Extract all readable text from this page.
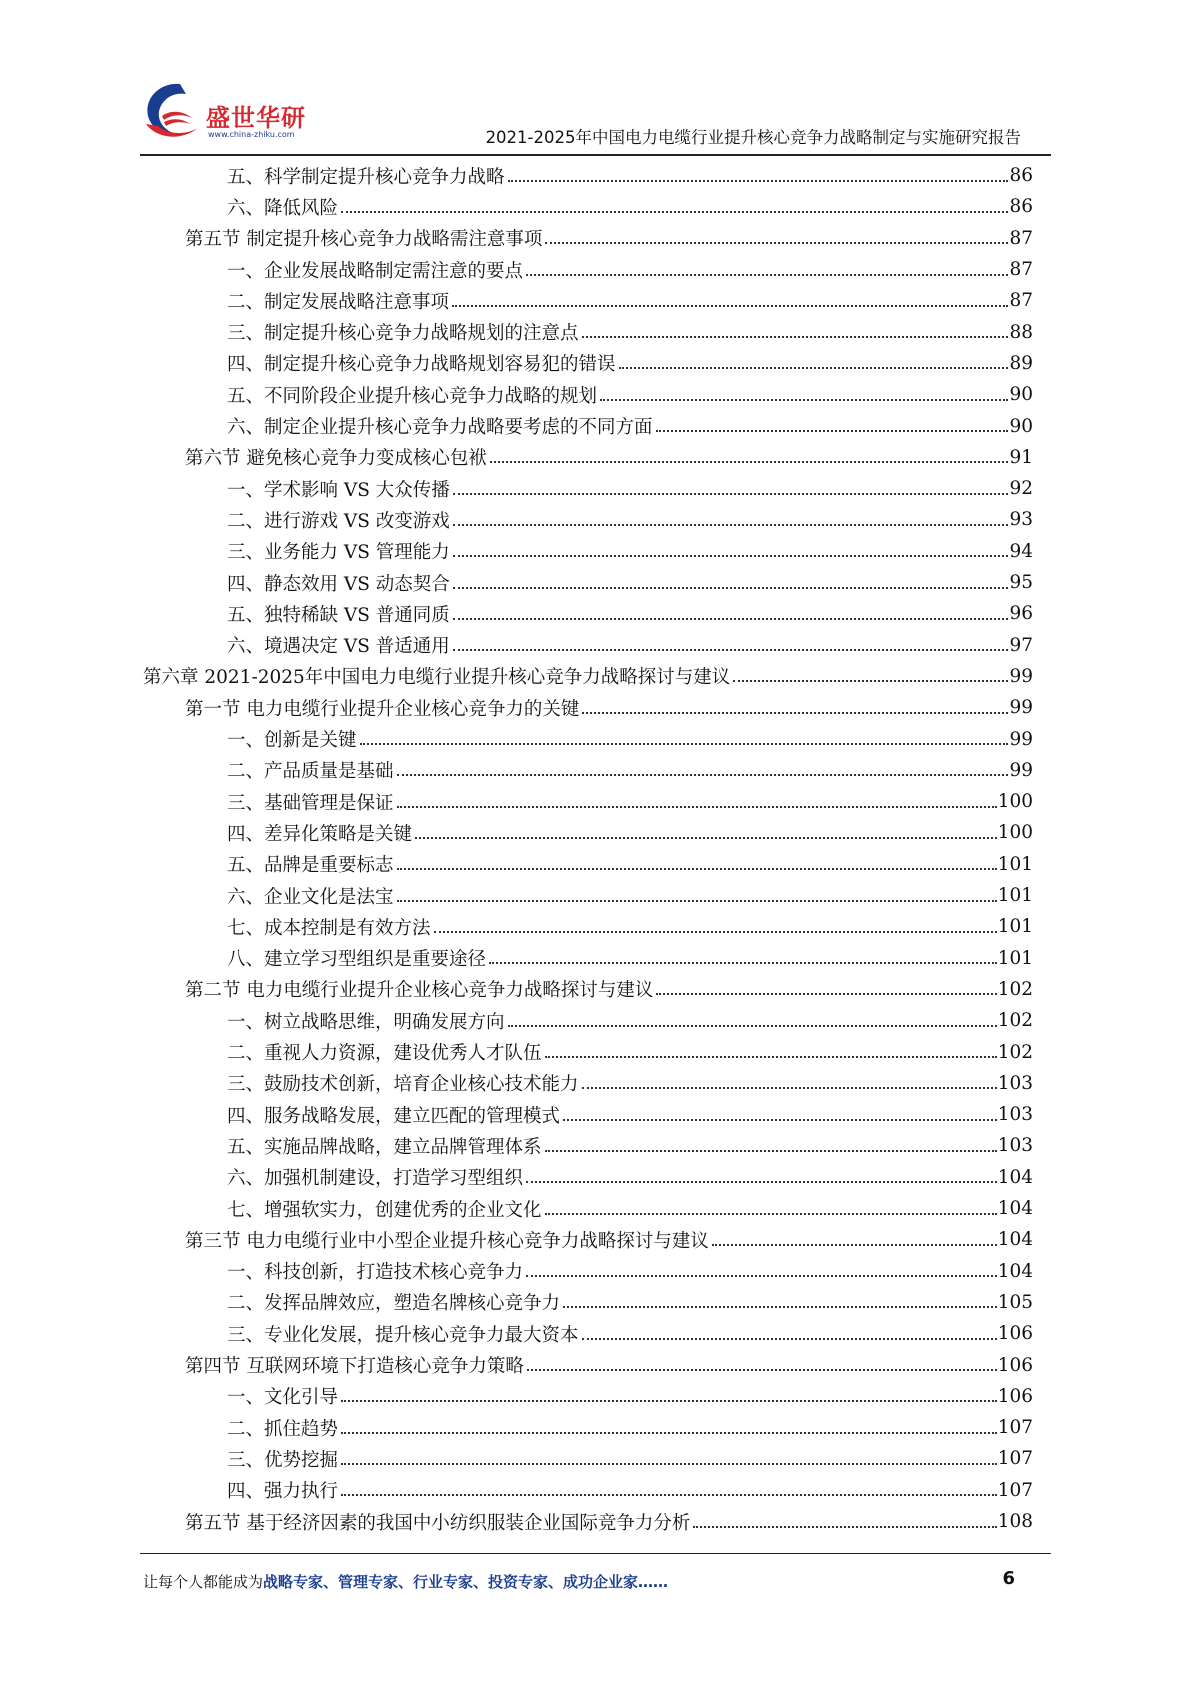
盛世华研
www.china-zhiku.com	2021-2025年中国电力电缆行业提升核心竞争力战略制定与实施研究报告
五、科学制定提升核心竞争力战略	86
六、降低风险	86
第五节 制定提升核心竞争力战略需注意事项	87
一、企业发展战略制定需注意的要点	87
二、制定发展战略注意事项	87
三、制定提升核心竞争力战略规划的注意点	88
四、制定提升核心竞争力战略规划容易犯的错误	89
五、不同阶段企业提升核心竞争力战略的规划	90
六、制定企业提升核心竞争力战略要考虑的不同方面	90
第六节 避免核心竞争力变成核心包袱	91
一、学术影响 VS 大众传播	92
二、进行游戏 VS 改变游戏	93
三、业务能力 VS 管理能力	94
四、静态效用 VS 动态契合	95
五、独特稀缺 VS 普通同质	96
六、境遇决定 VS 普适通用	97
第六章 2021-2025年中国电力电缆行业提升核心竞争力战略探讨与建议	99
第一节 电力电缆行业提升企业核心竞争力的关键	99
一、创新是关键	99
二、产品质量是基础	99
三、基础管理是保证	100
四、差异化策略是关键	100
五、品牌是重要标志	101
六、企业文化是法宝	101
七、成本控制是有效方法	101
八、建立学习型组织是重要途径	101
第二节 电力电缆行业提升企业核心竞争力战略探讨与建议	102
一、树立战略思维，明确发展方向	102
二、重视人力资源，建设优秀人才队伍	102
三、鼓励技术创新，培育企业核心技术能力	103
四、服务战略发展，建立匹配的管理模式	103
五、实施品牌战略，建立品牌管理体系	103
六、加强机制建设，打造学习型组织	104
七、增强软实力，创建优秀的企业文化	104
第三节 电力电缆行业中小型企业提升核心竞争力战略探讨与建议	104
一、科技创新，打造技术核心竞争力	104
二、发挥品牌效应，塑造名牌核心竞争力	105
三、专业化发展，提升核心竞争力最大资本	106
第四节 互联网环境下打造核心竞争力策略	106
一、文化引导	106
二、抓住趋势	107
三、优势挖掘	107
四、强力执行	107
第五节 基于经济因素的我国中小纺织服装企业国际竞争力分析	108
让每个人都能成为战略专家、管理专家、行业专家、投资专家、成功企业家……	6
